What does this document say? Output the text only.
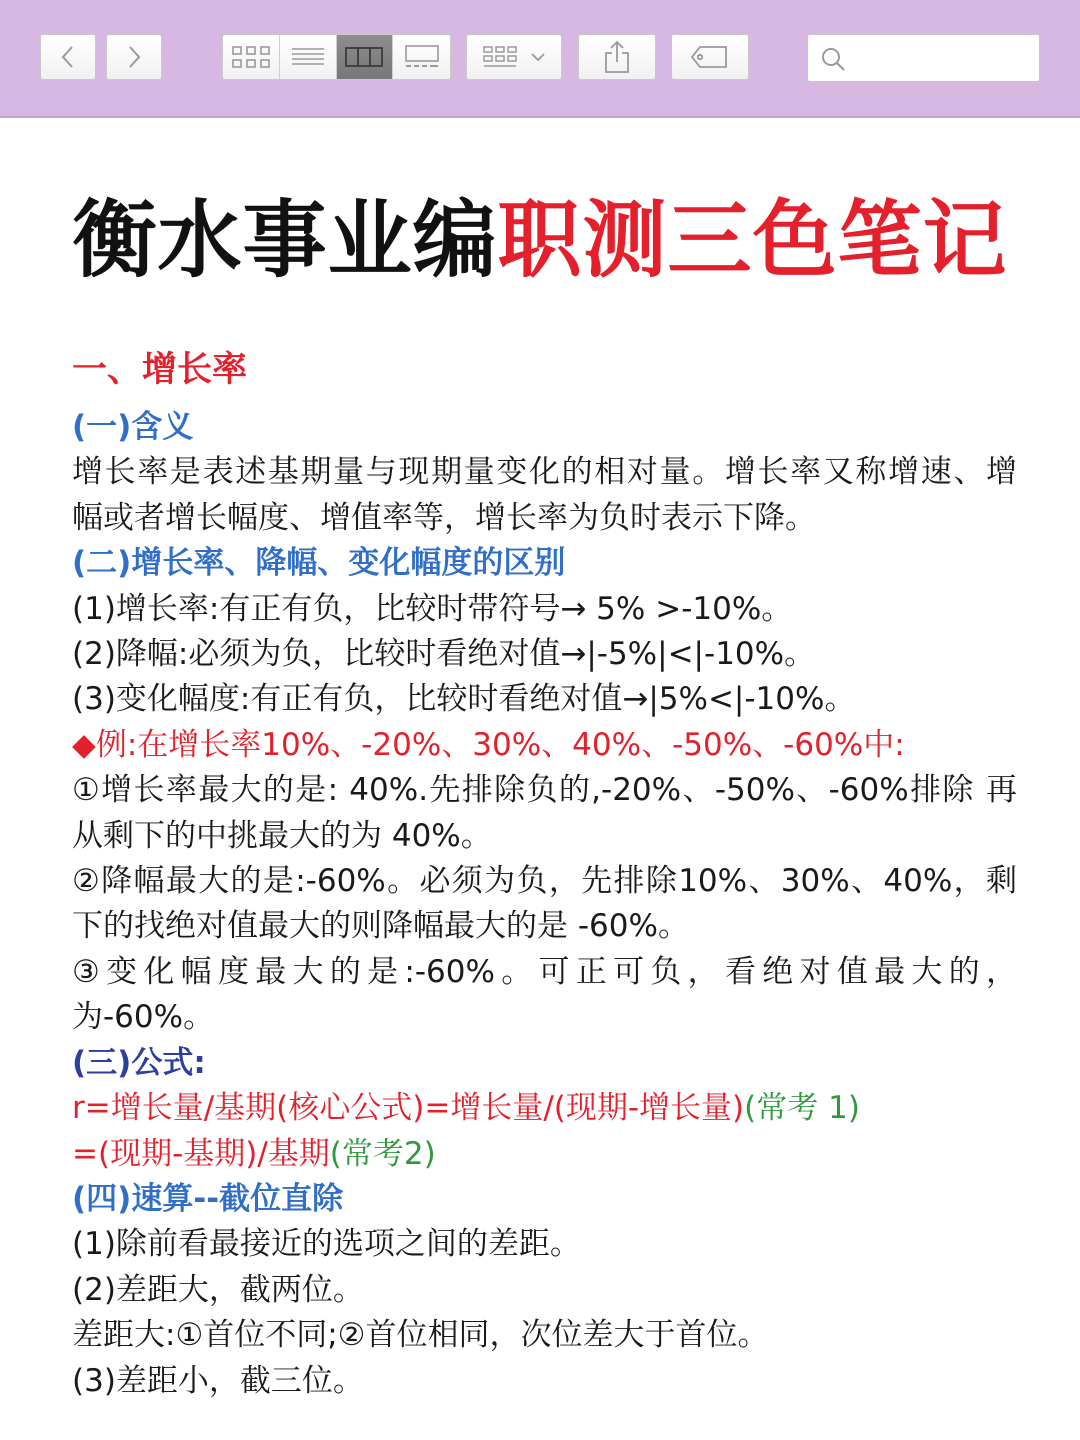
衡水事业编职测三色笔记

一、增长率

(一)含义

增长率是表述基期量与现期量变化的相对量。增长率又称增速、增

幅或者增长幅度、增值率等，增长率为负时表示下降。

(二)增长率、降幅、变化幅度的区别

(1)增长率:有正有负，比较时带符号→ 5% >-10%。

(2)降幅:必须为负，比较时看绝对值→|-5%|<|-10%。

(3)变化幅度:有正有负，比较时看绝对值→|5%<|-10%。

◆例:在增长率10%、-20%、30%、40%、-50%、-60%中:

①增长率最大的是: 40%.先排除负的,-20%、-50%、-60%排除 再

从剩下的中挑最大的为 40%。

②降幅最大的是:-60%。必须为负，先排除10%、30%、40%，剩

下的找绝对值最大的则降幅最大的是 -60%。

③变化幅度最大的是:-60%。可正可负，看绝对值最大的，

为-60%。

(三)公式:

r=增长量/基期(核心公式)=增长量/(现期-增长量)(常考 1)

=(现期-基期)/基期(常考2)

(四)速算--截位直除

(1)除前看最接近的选项之间的差距。

(2)差距大，截两位。

差距大:①首位不同;②首位相同，次位差大于首位。

(3)差距小，截三位。
